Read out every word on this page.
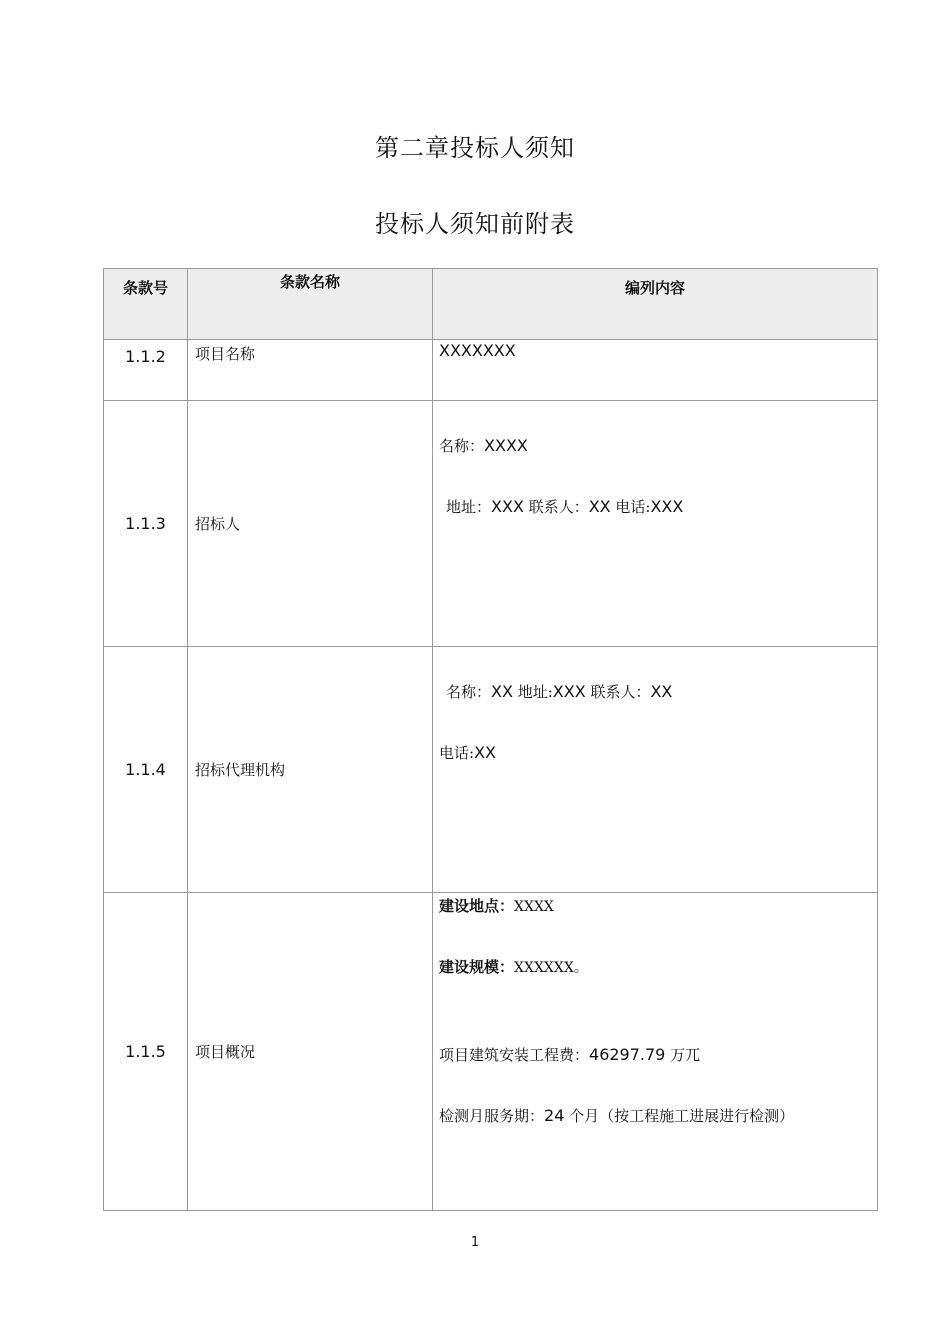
第二章投标人须知
投标人须知前附表
条款号	条款名称	编列内容
1.1.2	项目名称	XXXXXXX

1.1.3	招标人	名称：XXXX
地址：XXX 联系人：XX 电话:XXX

1.1.4	招标代理机构	名称：XX 地址:XXX 联系人：XX
电话:XX

1.1.5	项目概况	建设地点：XXXX
建设规模：XXXXXX。
项目建筑安装工程费：46297.79 万兀
检测月服务期：24 个月（按工程施工进展进行检测）
1
